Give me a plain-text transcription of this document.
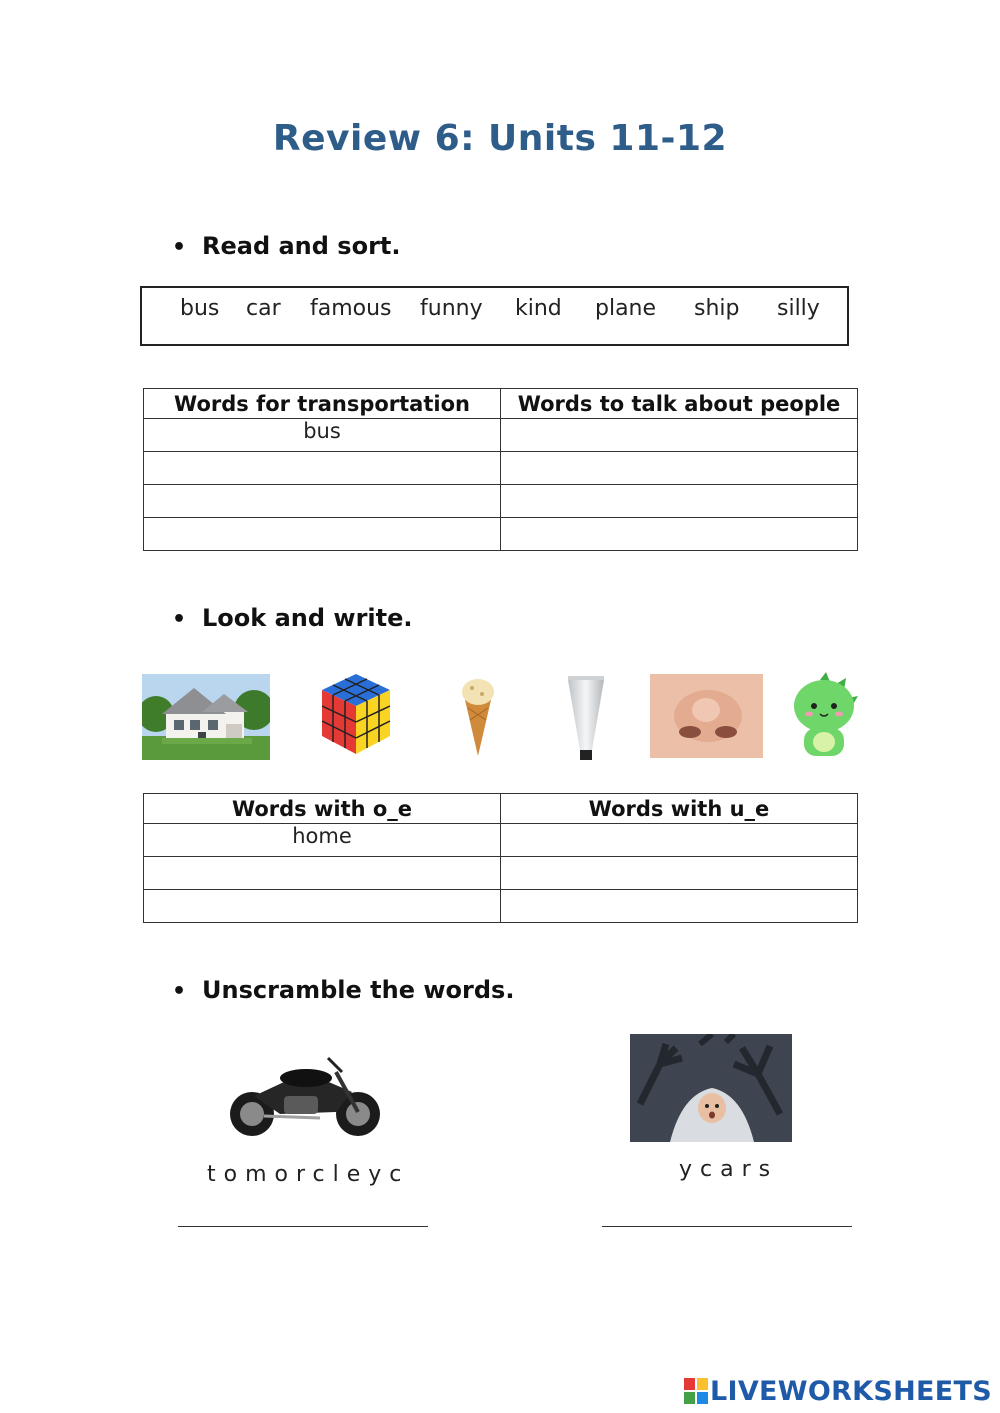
Review 6: Units 11-12
• Read and sort.
bus car famous funny kind plane ship silly
Words for transportation	Words to talk about people
bus	

• Look and write.
Words with o_e	Words with u_e
home	

• Unscramble the words.
tomorcleyc	ycars
LIVEWORKSHEETS
